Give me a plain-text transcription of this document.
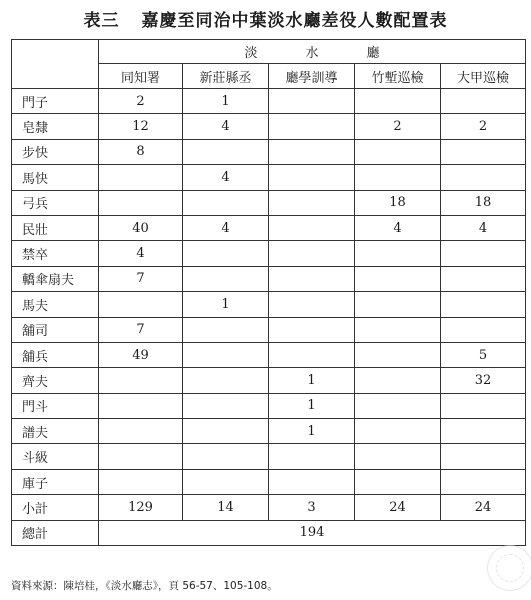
表三 嘉慶至同治中葉淡水廳差役人數配置表
	淡 水 廳				
	同知署	新莊縣丞	廳學訓導	竹塹巡檢	大甲巡檢
門子	2	1			
皂隸	12	4		2	2
步快	8				
馬快		4			
弓兵				18	18
民壯	40	4		4	4
禁卒	4				
轎傘扇夫	7				
馬夫		1			
舖司	7				
舖兵	49				5
齊夫			1		32
門斗			1		
譜夫			1		
斗級					
庫子					
小計	129	14	3	24	24
總計	194				
資料來源：陳培桂，《淡水廳志》，頁 56-57、105-108。
